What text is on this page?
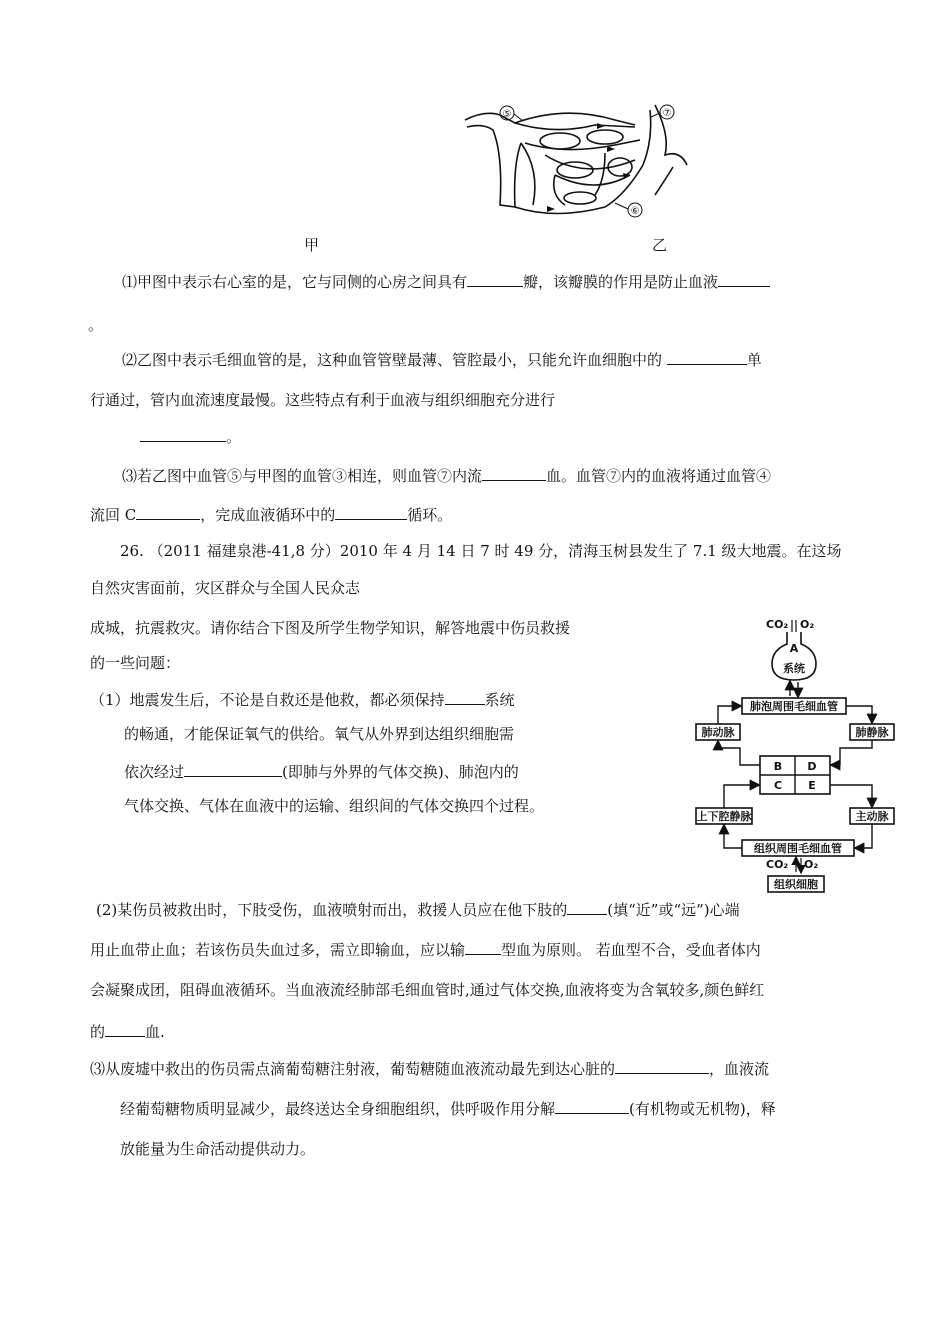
⑤	⑦
⑥
甲	乙
⑴甲图中表示右心室的是，它与同侧的心房之间具有	瓣，该瓣膜的作用是防止血液
。
⑵乙图中表示毛细血管的是，这种血管管壁最薄、管腔最小，只能允许血细胞中的	单
行通过，管内血流速度最慢。这些特点有利于血液与组织细胞充分进行
。
⑶若乙图中血管⑤与甲图的血管③相连，则血管⑦内流	血。血管⑦内的血液将通过血管④
流回 C	，完成血液循环中的	循环。
26. （2011 福建泉港-41,8 分）2010 年 4 月 14 日 7 时 49 分，清海玉树县发生了 7.1 级大地震。在这场
自然灾害面前，灾区群众与全国人民众志
成城，抗震救灾。请你结合下图及所学生物学知识，解答地震中伤员救援
的一些问题：
（1）地震发生后，不论是自救还是他救，都必须保持	系统
的畅通，才能保证氧气的供给。氧气从外界到达组织细胞需
依次经过	(即肺与外界的气体交换)、肺泡内的
气体交换、气体在血液中的运输、组织间的气体交换四个过程。
CO₂ O₂
A
系统
肺泡周围毛细血管
肺动脉	肺静脉
B D
C E
上下腔静脉	主动脉
组织周围毛细血管
CO₂ O₂
组织细胞
(2)某伤员被救出时，下肢受伤，血液喷射而出，救援人员应在他下肢的	(填“近”或“远”)心端
用止血带止血；若该伤员失血过多，需立即输血，应以输 型血为原则。 若血型不合，受血者体内
会凝聚成团，阻碍血液循环。当血液流经肺部毛细血管时,通过气体交换,血液将变为含氧较多,颜色鲜红
的	血.
⑶从废墟中救出的伤员需点滴葡萄糖注射液，葡萄糖随血液流动最先到达心脏的	，血液流
经葡萄糖物质明显减少，最终送达全身细胞组织，供呼吸作用分解	(有机物或无机物)，释
放能量为生命活动提供动力。
